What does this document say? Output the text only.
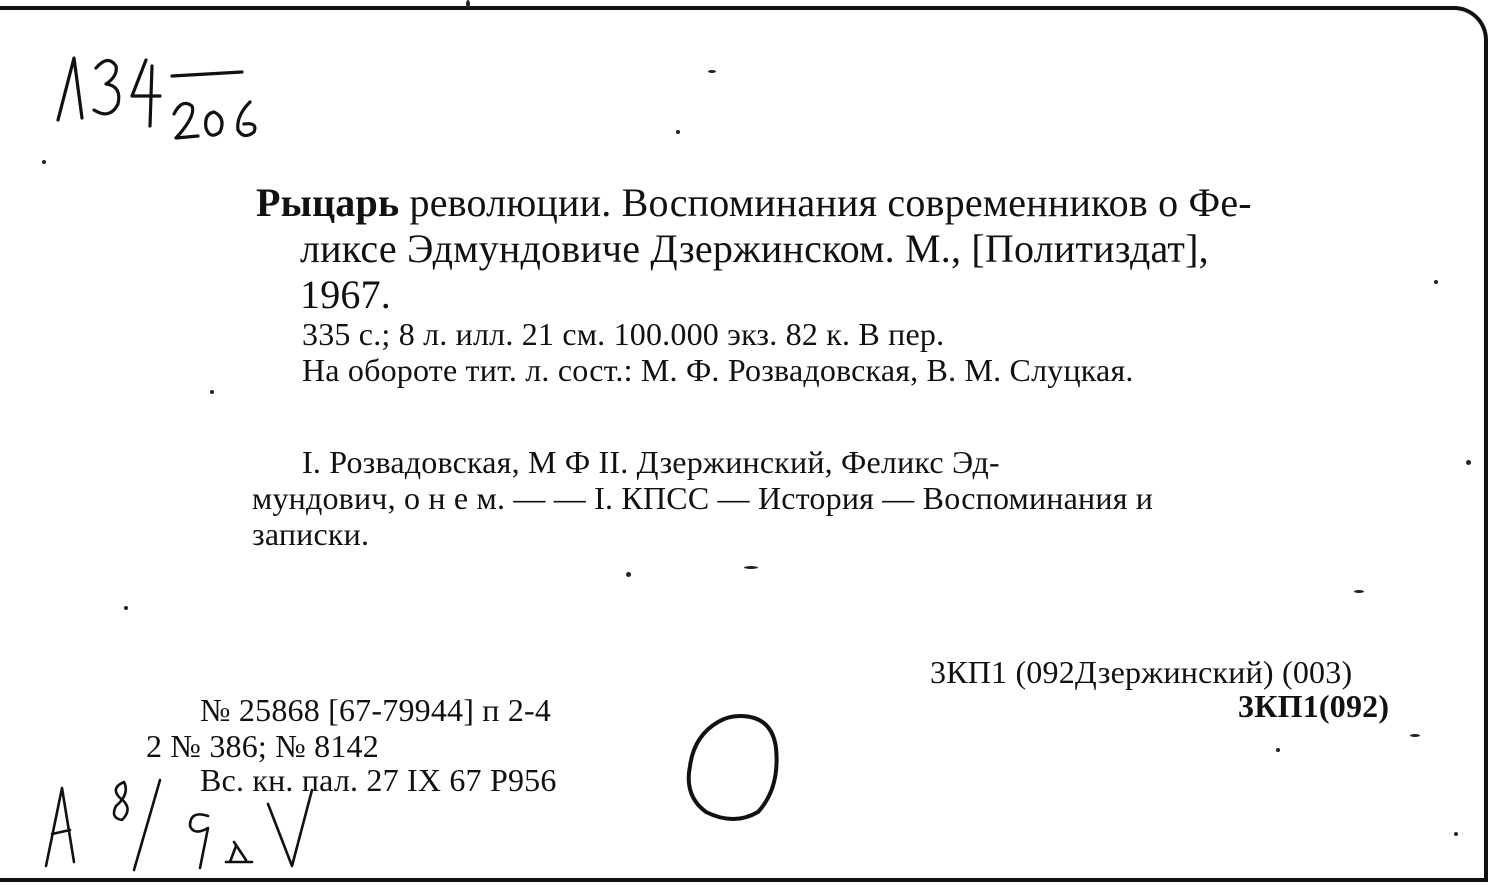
Рыцарь революции. Воспоминания современников о Фе-
ликсе Эдмундовиче Дзержинском. М., [Политиздат],
1967.
335 с.; 8 л. илл. 21 см. 100.000 экз. 82 к. В пер.
На обороте тит. л. сост.: М. Ф. Розвадовская, В. М. Слуцкая.
I. Розвадовская, М Ф II. Дзержинский, Феликс Эд-
мундович, о н е м. — — I. КПСС — История — Воспоминания и
записки.
3КП1 (092Дзержинский) (003)
3КП1(092)
№ 25868 [67-79944] п 2-4
2 № 386; № 8142
Вс. кн. пал. 27 IX 67 Р956
